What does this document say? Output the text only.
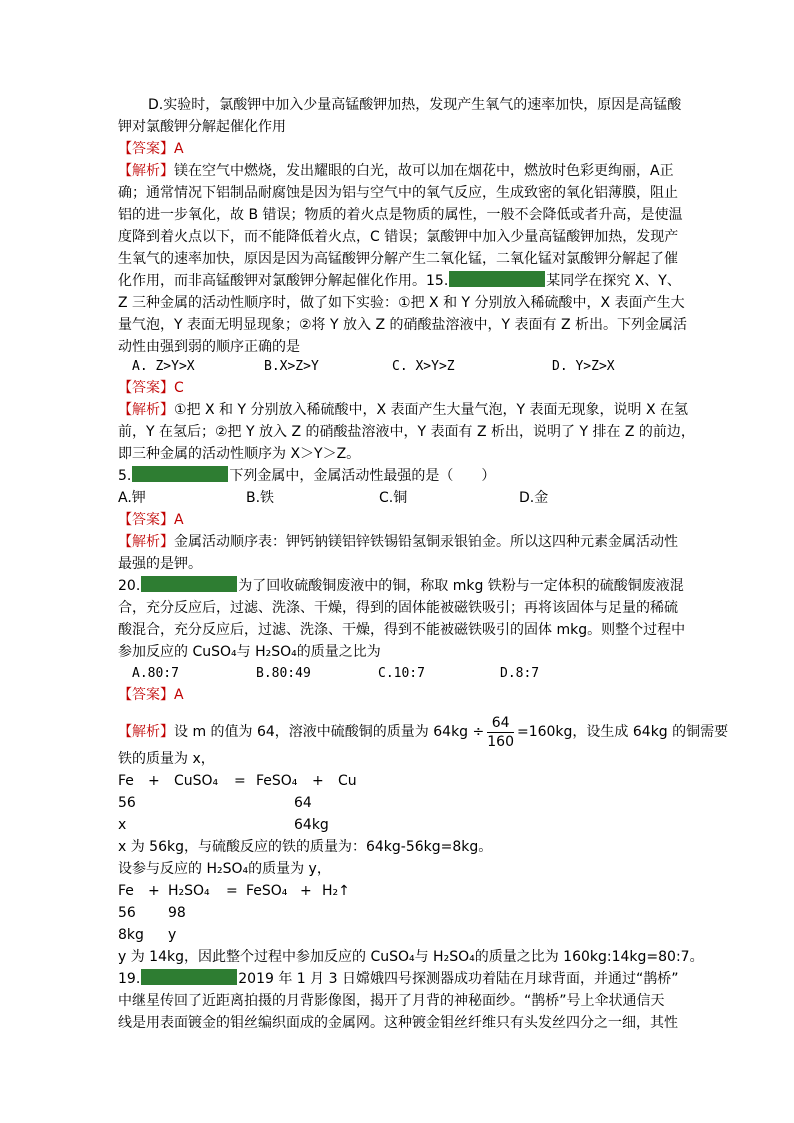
D.实验时，氯酸钾中加入少量高锰酸钾加热，发现产生氧气的速率加快，原因是高锰酸
钾对氯酸钾分解起催化作用
【答案】A
【解析】镁在空气中燃烧，发出耀眼的白光，故可以加在烟花中，燃放时色彩更绚丽，A正
确；通常情况下铝制品耐腐蚀是因为铝与空气中的氧气反应，生成致密的氧化铝薄膜，阻止
铝的进一步氧化，故 B 错误；物质的着火点是物质的属性，一般不会降低或者升高，是使温
度降到着火点以下，而不能降低着火点，C 错误；氯酸钾中加入少量高锰酸钾加热，发现产
生氧气的速率加快，原因是因为高锰酸钾分解产生二氧化锰，二氧化锰对氯酸钾分解起了催
化作用，而非高锰酸钾对氯酸钾分解起催化作用。15.	某同学在探究 X、Y、
Z 三种金属的活动性顺序时，做了如下实验：①把 X 和 Y 分别放入稀硫酸中，X 表面产生大
量气泡，Y 表面无明显现象；②将 Y 放入 Z 的硝酸盐溶液中，Y 表面有 Z 析出。下列金属活
动性由强到弱的顺序正确的是
A. Z>Y>X	B.X>Z>Y	C. X>Y>Z	D. Y>Z>X
【答案】C
【解析】①把 X 和 Y 分别放入稀硫酸中，X 表面产生大量气泡，Y 表面无现象，说明 X 在氢
前，Y 在氢后；②把 Y 放入 Z 的硝酸盐溶液中，Y 表面有 Z 析出，说明了 Y 排在 Z 的前边，
即三种金属的活动性顺序为 X＞Y＞Z。
5.	下列金属中，金属活动性最强的是（　　）
A.钾	B.铁	C.铜	D.金
【答案】A
【解析】金属活动顺序表：钾钙钠镁铝锌铁锡铅氢铜汞银铂金。所以这四种元素金属活动性
最强的是钾。
20.	为了回收硫酸铜废液中的铜，称取 mkg 铁粉与一定体积的硫酸铜废液混
合，充分反应后，过滤、洗涤、干燥，得到的固体能被磁铁吸引；再将该固体与足量的稀硫
酸混合，充分反应后，过滤、洗涤、干燥，得到不能被磁铁吸引的固体 mkg。则整个过程中
参加反应的 CuSO₄与 H₂SO₄的质量之比为
A.80:7	B.80:49	C.10:7	D.8:7
【答案】A
【解析】设 m 的值为 64，溶液中硫酸铜的质量为 $64kg \div \frac{64}{160} =160kg$，设生成 64kg 的铜需要
铁的质量为 x，
Fe + CuSO₄ = FeSO₄ + Cu
56	64
x	64kg
x 为 56kg，与硫酸反应的铁的质量为：64kg-56kg=8kg。
设参与反应的 H₂SO₄的质量为 y，
Fe + H₂SO₄ = FeSO₄ + H₂↑
56 98
8kg y
y 为 14kg，因此整个过程中参加反应的 CuSO₄与 H₂SO₄的质量之比为 160kg:14kg=80:7。
19.	2019 年 1 月 3 日嫦娥四号探测器成功着陆在月球背面，并通过“鹊桥”
中继星传回了近距离拍摄的月背影像图，揭开了月背的神秘面纱。“鹊桥”号上伞状通信天
线是用表面镀金的钼丝编织面成的金属网。这种镀金钼丝纤维只有头发丝四分之一细，其性
